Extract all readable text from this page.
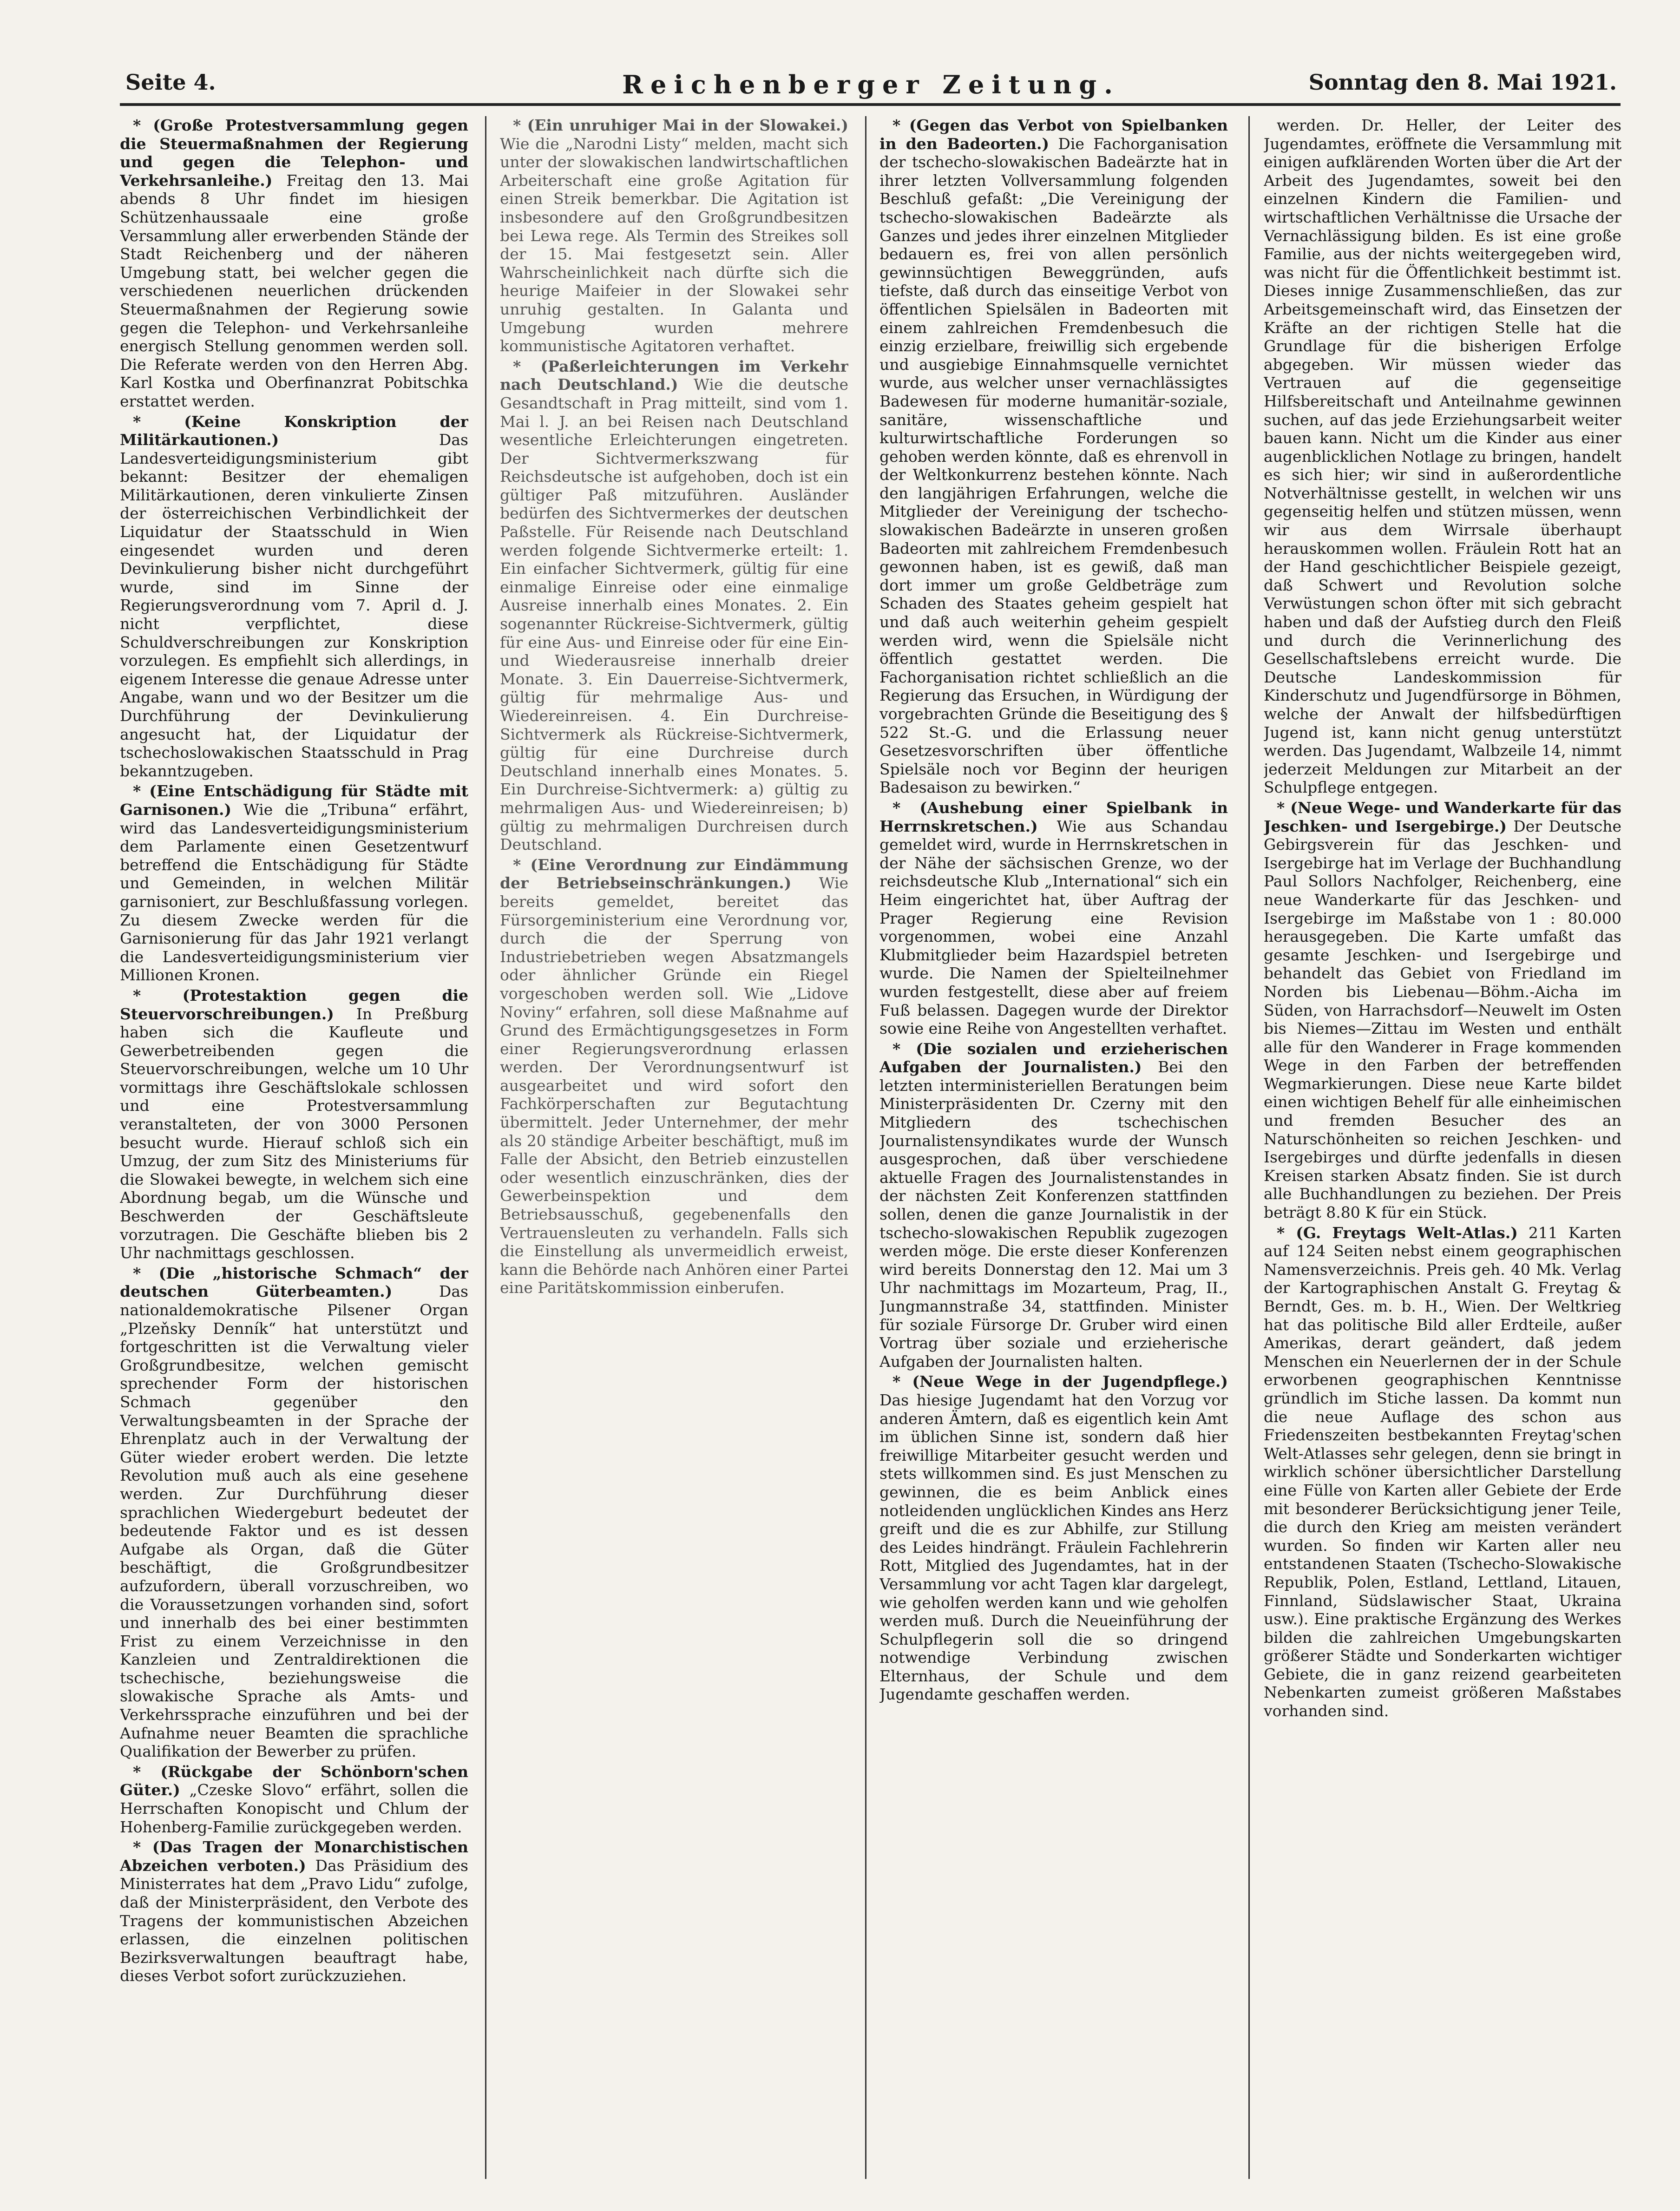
Seite 4.	Reichenberger Zeitung.	Sonntag den 8. Mai 1921.

* (Große Protestversammlung gegen die Steuermaßnahmen der Regierung und gegen die Telephon- und Verkehrsanleihe.) Freitag den 13. Mai abends 8 Uhr findet im hiesigen Schützenhaussaale eine große Versammlung aller erwerbenden Stände der Stadt Reichenberg und der näheren Umgebung statt, bei welcher gegen die verschiedenen neuerlichen drückenden Steuermaßnahmen der Regierung sowie gegen die Telephon- und Verkehrsanleihe energisch Stellung genommen werden soll. Die Referate werden von den Herren Abg. Karl Kostka und Oberfinanzrat Pobitschka erstattet werden.

* (Keine Konskription der Militärkautionen.)	Das Landesverteidigungsministerium gibt bekannt: Besitzer der ehemaligen Militärkautionen, deren vinkulierte Zinsen der österreichischen Verbindlichkeit der Liquidatur der Staatsschuld in Wien eingesendet wurden und deren Devinkulierung bisher nicht durchgeführt wurde, sind im Sinne der Regierungsverordnung vom 7. April d. J. nicht verpflichtet, diese Schuldverschreibungen zur Konskription vorzulegen. Es empfiehlt sich allerdings, in eigenem Interesse die genaue Adresse unter Angabe, wann und wo der Besitzer um die Durchführung der Devinkulierung angesucht hat, der Liquidatur der tschechoslowakischen Staatsschuld in Prag bekanntzugeben.

* (Eine Entschädigung für Städte mit Garnisonen.) Wie die „Tribuna“ erfährt, wird das Landesverteidigungsministerium dem Parlamente einen Gesetzentwurf betreffend die Entschädigung für Städte und Gemeinden, in welchen Militär garnisoniert, zur Beschlußfassung vorlegen. Zu diesem Zwecke werden für die Garnisonierung für das Jahr 1921 verlangt die Landesverteidigungsministerium vier Millionen Kronen.

* (Protestaktion gegen die Steuervorschreibungen.) In Preßburg haben sich die Kaufleute und Gewerbetreibenden gegen die Steuervorschreibungen, welche um 10 Uhr vormittags ihre Geschäftslokale schlossen und eine Protestversammlung veranstalteten, der von 3000 Personen besucht wurde. Hierauf schloß sich ein Umzug, der zum Sitz des Ministeriums für die Slowakei bewegte, in welchem sich eine Abordnung begab, um die Wünsche und Beschwerden der Geschäftsleute vorzutragen. Die Geschäfte blieben bis 2 Uhr nachmittags geschlossen.

* (Die „historische Schmach“ der deutschen Güterbeamten.)	Das nationaldemokratische Pilsener Organ „Plzeňsky Denník“ hat unterstützt und fortgeschritten ist die Verwaltung vieler Großgrundbesitze, welchen gemischt sprechender Form der historischen Schmach gegenüber den Verwaltungsbeamten in der Sprache der Ehrenplatz auch in der Verwaltung der Güter wieder erobert werden. Die letzte Revolution muß auch als eine gesehene werden. Zur Durchführung dieser sprachlichen Wiedergeburt bedeutet der bedeutende Faktor und es ist dessen Aufgabe als Organ, daß die Güter beschäftigt, die Großgrundbesitzer aufzufordern, überall vorzuschreiben, wo die Voraussetzungen vorhanden sind, sofort und innerhalb des bei einer bestimmten Frist zu einem Verzeichnisse in den Kanzleien und Zentraldirektionen die tschechische, beziehungsweise die slowakische Sprache als Amts- und Verkehrssprache einzuführen und bei der Aufnahme neuer Beamten die sprachliche Qualifikation der Bewerber zu prüfen.

* (Rückgabe der Schönborn'schen Güter.) „Czeske Slovo“ erfährt, sollen die Herrschaften Konopischt und Chlum der Hohenberg-Familie zurückgegeben werden.

* (Das Tragen der Monarchistischen Abzeichen verboten.) Das Präsidium des Ministerrates hat dem „Pravo Lidu“ zufolge, daß der Ministerpräsident, den Verbote des Tragens der kommunistischen Abzeichen erlassen, die einzelnen politischen Bezirksverwaltungen beauftragt habe, dieses Verbot sofort zurückzuziehen.

* (Ein unruhiger Mai in der Slowakei.) Wie die „Narodni Listy“ melden, macht sich unter der slowakischen landwirtschaftlichen Arbeiterschaft eine große Agitation für einen Streik bemerkbar. Die Agitation ist insbesondere auf den Großgrundbesitzen bei Lewa rege. Als Termin des Streikes soll der 15. Mai festgesetzt sein. Aller Wahrscheinlichkeit nach dürfte sich die heurige Maifeier in der Slowakei sehr unruhig gestalten. In Galanta und Umgebung wurden mehrere kommunistische Agitatoren verhaftet.

* (Paßerleichterungen im Verkehr nach Deutschland.) Wie die deutsche Gesandtschaft in Prag mitteilt, sind vom 1. Mai l. J. an bei Reisen nach Deutschland wesentliche Erleichterungen eingetreten. Der Sichtvermerkszwang für Reichsdeutsche ist aufgehoben, doch ist ein gültiger Paß mitzuführen. Ausländer bedürfen des Sichtvermerkes der deutschen Paßstelle. Für Reisende nach Deutschland werden folgende Sichtvermerke erteilt: 1. Ein einfacher Sichtvermerk, gültig für eine einmalige Einreise oder eine einmalige Ausreise innerhalb eines Monates. 2. Ein sogenannter Rückreise-Sichtvermerk, gültig für eine Aus- und Einreise oder für eine Ein- und Wiederausreise innerhalb dreier Monate. 3. Ein Dauerreise-Sichtvermerk, gültig für mehrmalige Aus- und Wiedereinreisen. 4. Ein Durchreise-Sichtvermerk als Rückreise-Sichtvermerk, gültig für eine Durchreise durch Deutschland innerhalb eines Monates. 5. Ein Durchreise-Sichtvermerk: a) gültig zu mehrmaligen Aus- und Wiedereinreisen; b) gültig zu mehrmaligen Durchreisen durch Deutschland.

* (Eine Verordnung zur Eindämmung der Betriebseinschränkungen.) Wie bereits gemeldet, bereitet das Fürsorgeministerium eine Verordnung vor, durch die der Sperrung von Industriebetrieben wegen Absatzmangels oder ähnlicher Gründe ein Riegel vorgeschoben werden soll. Wie „Lidove Noviny“ erfahren, soll diese Maßnahme auf Grund des Ermächtigungsgesetzes in Form einer Regierungsverordnung erlassen werden. Der Verordnungsentwurf ist ausgearbeitet und wird sofort den Fachkörperschaften zur Begutachtung übermittelt. Jeder Unternehmer, der mehr als 20 ständige Arbeiter beschäftigt, muß im Falle der Absicht, den Betrieb einzustellen oder wesentlich einzuschränken, dies der Gewerbeinspektion und dem Betriebsausschuß, gegebenenfalls den Vertrauensleuten zu verhandeln. Falls sich die Einstellung als unvermeidlich erweist, kann die Behörde nach Anhören einer Partei eine Paritätskommission einberufen.

* (Gegen das Verbot von Spielbanken in den Badeorten.) Die Fachorganisation der tschecho-slowakischen Badeärzte hat in ihrer letzten Vollversammlung folgenden Beschluß gefaßt: „Die Vereinigung der tschecho-slowakischen Badeärzte als Ganzes und jedes ihrer einzelnen Mitglieder bedauern es, frei von allen persönlich gewinnsüchtigen Beweggründen, aufs tiefste, daß durch das einseitige Verbot von öffentlichen Spielsälen in Badeorten mit einem zahlreichen Fremdenbesuch die einzig erzielbare, freiwillig sich ergebende und ausgiebige Einnahmsquelle vernichtet wurde, aus welcher unser vernachlässigtes Badewesen für moderne humanitär-soziale, sanitäre, wissenschaftliche und kulturwirtschaftliche Forderungen so gehoben werden könnte, daß es ehrenvoll in der Weltkonkurrenz bestehen könnte. Nach den langjährigen Erfahrungen, welche die Mitglieder der Vereinigung der tschecho-slowakischen Badeärzte in unseren großen Badeorten mit zahlreichem Fremdenbesuch gewonnen haben, ist es gewiß, daß man dort immer um große Geldbeträge zum Schaden des Staates geheim gespielt hat und daß auch weiterhin geheim gespielt werden wird, wenn die Spielsäle nicht öffentlich gestattet werden. Die Fachorganisation richtet schließlich an die Regierung das Ersuchen, in Würdigung der vorgebrachten Gründe die Beseitigung des § 522 St.-G. und die Erlassung neuer Gesetzesvorschriften über öffentliche Spielsäle noch vor Beginn der heurigen Badesaison zu bewirken.“

* (Aushebung einer Spielbank in Herrnskretschen.) Wie aus Schandau gemeldet wird, wurde in Herrnskretschen in der Nähe der sächsischen Grenze, wo der reichsdeutsche Klub „International“ sich ein Heim eingerichtet hat, über Auftrag der Prager Regierung eine Revision vorgenommen, wobei eine Anzahl Klubmitglieder beim Hazardspiel betreten wurde. Die Namen der Spielteilnehmer wurden festgestellt, diese aber auf freiem Fuß belassen. Dagegen wurde der Direktor sowie eine Reihe von Angestellten verhaftet.

* (Die sozialen und erzieherischen Aufgaben der Journalisten.) Bei den letzten interministeriellen Beratungen beim Ministerpräsidenten Dr. Czerny mit den Mitgliedern des tschechischen Journalistensyndikates wurde der Wunsch ausgesprochen, daß über verschiedene aktuelle Fragen des Journalistenstandes in der nächsten Zeit Konferenzen stattfinden sollen, denen die ganze Journalistik in der tschecho-slowakischen Republik zugezogen werden möge. Die erste dieser Konferenzen wird bereits Donnerstag den 12. Mai um 3 Uhr nachmittags im Mozarteum, Prag, II., Jungmannstraße 34, stattfinden. Minister für soziale Fürsorge Dr. Gruber wird einen Vortrag über soziale und erzieherische Aufgaben der Journalisten halten.

* (Neue Wege in der Jugendpflege.) Das hiesige Jugendamt hat den Vorzug vor anderen Ämtern, daß es eigentlich kein Amt im üblichen Sinne ist, sondern daß hier freiwillige Mitarbeiter gesucht werden und stets willkommen sind. Es just Menschen zu gewinnen, die es beim Anblick eines notleidenden unglücklichen Kindes ans Herz greift und die es zur Abhilfe, zur Stillung des Leides hindrängt. Fräulein Fachlehrerin Rott, Mitglied des Jugendamtes, hat in der Versammlung vor acht Tagen klar dargelegt, wie geholfen werden kann und wie geholfen werden muß. Durch die Neueinführung der Schulpflegerin soll die so dringend notwendige Verbindung zwischen Elternhaus, der Schule und dem Jugendamte geschaffen werden.

werden. Dr. Heller, der Leiter des Jugendamtes, eröffnete die Versammlung mit einigen aufklärenden Worten über die Art der Arbeit des Jugendamtes, soweit bei den einzelnen Kindern die Familien- und wirtschaftlichen Verhältnisse die Ursache der Vernachlässigung bilden. Es ist eine große Familie, aus der nichts weitergegeben wird, was nicht für die Öffentlichkeit bestimmt ist. Dieses innige Zusammenschließen, das zur Arbeitsgemeinschaft wird, das Einsetzen der Kräfte an der richtigen Stelle hat die Grundlage für die bisherigen Erfolge abgegeben. Wir müssen wieder das Vertrauen auf die gegenseitige Hilfsbereitschaft und Anteilnahme gewinnen suchen, auf das jede Erziehungsarbeit weiter bauen kann. Nicht um die Kinder aus einer augenblicklichen Notlage zu bringen, handelt es sich hier; wir sind in außerordentliche Notverhältnisse gestellt, in welchen wir uns gegenseitig helfen und stützen müssen, wenn wir aus dem Wirrsale überhaupt herauskommen wollen. Fräulein Rott hat an der Hand geschichtlicher Beispiele gezeigt, daß Schwert und Revolution solche Verwüstungen schon öfter mit sich gebracht haben und daß der Aufstieg durch den Fleiß und durch die Verinnerlichung des Gesellschaftslebens erreicht wurde. Die Deutsche Landeskommission für Kinderschutz und Jugendfürsorge in Böhmen, welche der Anwalt der hilfsbedürftigen Jugend ist, kann nicht genug unterstützt werden. Das Jugendamt, Walbzeile 14, nimmt jederzeit Meldungen zur Mitarbeit an der Schulpflege entgegen.

* (Neue Wege- und Wanderkarte für das Jeschken- und Isergebirge.) Der Deutsche Gebirgsverein für das Jeschken- und Isergebirge hat im Verlage der Buchhandlung Paul Sollors Nachfolger, Reichenberg, eine neue Wanderkarte für das Jeschken- und Isergebirge im Maßstabe von 1 : 80.000 herausgegeben. Die Karte umfaßt das gesamte Jeschken- und Isergebirge und behandelt das Gebiet von Friedland im Norden bis Liebenau—Böhm.-Aicha im Süden, von Harrachsdorf—Neuwelt im Osten bis Niemes—Zittau im Westen und enthält alle für den Wanderer in Frage kommenden Wege in den Farben der betreffenden Wegmarkierungen. Diese neue Karte bildet einen wichtigen Behelf für alle einheimischen und fremden Besucher des an Naturschönheiten so reichen Jeschken- und Isergebirges und dürfte jedenfalls in diesen Kreisen starken Absatz finden. Sie ist durch alle Buchhandlungen zu beziehen. Der Preis beträgt 8.80 K für ein Stück.

* (G. Freytags Welt-Atlas.) 211 Karten auf 124 Seiten nebst einem geographischen Namensverzeichnis. Preis geh. 40 Mk. Verlag der Kartographischen Anstalt G. Freytag & Berndt, Ges. m. b. H., Wien. Der Weltkrieg hat das politische Bild aller Erdteile, außer Amerikas, derart geändert, daß jedem Menschen ein Neuerlernen der in der Schule erworbenen geographischen Kenntnisse gründlich im Stiche lassen. Da kommt nun die neue Auflage des schon aus Friedenszeiten bestbekannten Freytag'schen Welt-Atlasses sehr gelegen, denn sie bringt in wirklich schöner übersichtlicher Darstellung eine Fülle von Karten aller Gebiete der Erde mit besonderer Berücksichtigung jener Teile, die durch den Krieg am meisten verändert wurden. So finden wir Karten aller neu entstandenen Staaten (Tschecho-Slowakische Republik, Polen, Estland, Lettland, Litauen, Finnland, Südslawischer Staat, Ukraina usw.). Eine praktische Ergänzung des Werkes bilden die zahlreichen Umgebungskarten größerer Städte und Sonderkarten wichtiger Gebiete, die in ganz reizend gearbeiteten Nebenkarten zumeist größeren Maßstabes vorhanden sind.
